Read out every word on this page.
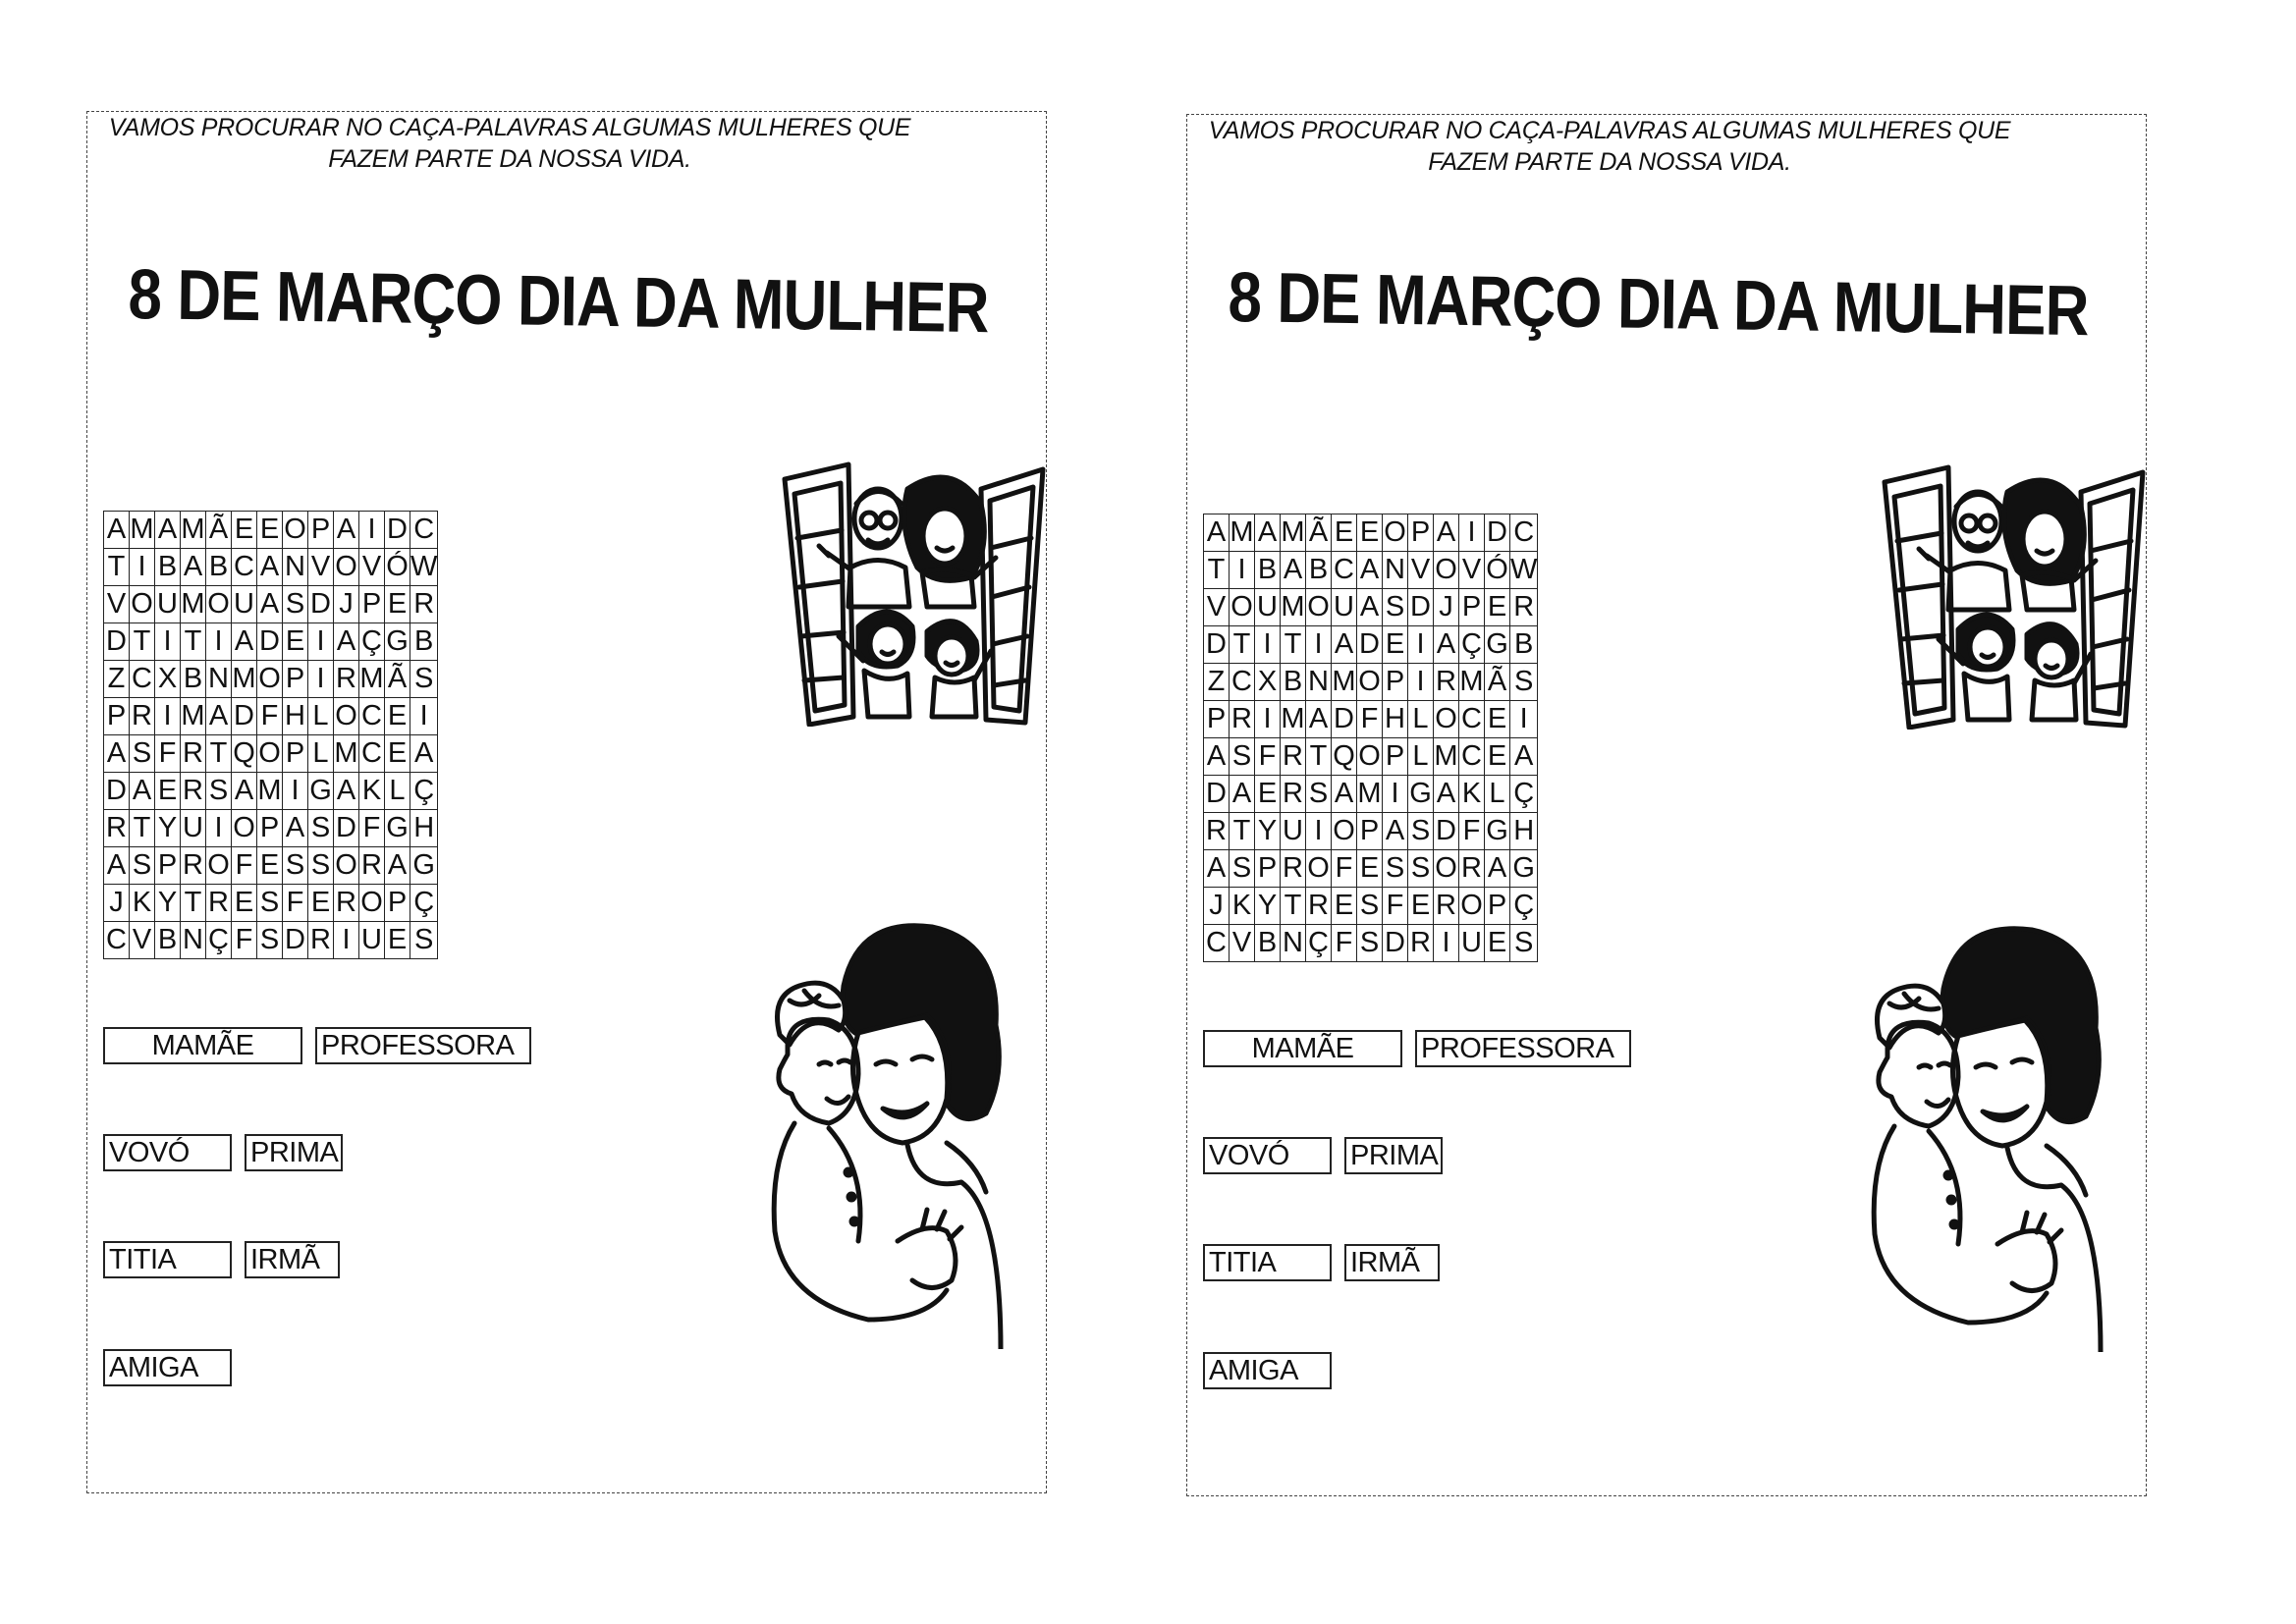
VAMOS PROCURAR NO CAÇA-PALAVRAS ALGUMAS MULHERES QUE
FAZEM PARTE DA NOSSA VIDA.
8 DE MARÇO DIA DA MULHER
A	M	A	M	Ã	E	E	O	P	A	I	D	C
T	I	B	A	B	C	A	N	V	O	V	Ó	W
V	O	U	M	O	U	A	S	D	J	P	E	R
D	T	I	T	I	A	D	E	I	A	Ç	G	B
Z	C	X	B	N	M	O	P	I	R	M	Ã	S
P	R	I	M	A	D	F	H	L	O	C	E	I
A	S	F	R	T	Q	O	P	L	M	C	E	A
D	A	E	R	S	A	M	I	G	A	K	L	Ç
R	T	Y	U	I	O	P	A	S	D	F	G	H
A	S	P	R	O	F	E	S	S	O	R	A	G
J	K	Y	T	R	E	S	F	E	R	O	P	Ç
C	V	B	N	Ç	F	S	D	R	I	U	E	S
MAMÃE	PROFESSORA
VOVÓ	PRIMA
TITIA	IRMÃ
AMIGA
VAMOS PROCURAR NO CAÇA-PALAVRAS ALGUMAS MULHERES QUE
FAZEM PARTE DA NOSSA VIDA.
8 DE MARÇO DIA DA MULHER
A	M	A	M	Ã	E	E	O	P	A	I	D	C
T	I	B	A	B	C	A	N	V	O	V	Ó	W
V	O	U	M	O	U	A	S	D	J	P	E	R
D	T	I	T	I	A	D	E	I	A	Ç	G	B
Z	C	X	B	N	M	O	P	I	R	M	Ã	S
P	R	I	M	A	D	F	H	L	O	C	E	I
A	S	F	R	T	Q	O	P	L	M	C	E	A
D	A	E	R	S	A	M	I	G	A	K	L	Ç
R	T	Y	U	I	O	P	A	S	D	F	G	H
A	S	P	R	O	F	E	S	S	O	R	A	G
J	K	Y	T	R	E	S	F	E	R	O	P	Ç
C	V	B	N	Ç	F	S	D	R	I	U	E	S
MAMÃE	PROFESSORA
VOVÓ	PRIMA
TITIA	IRMÃ
AMIGA
